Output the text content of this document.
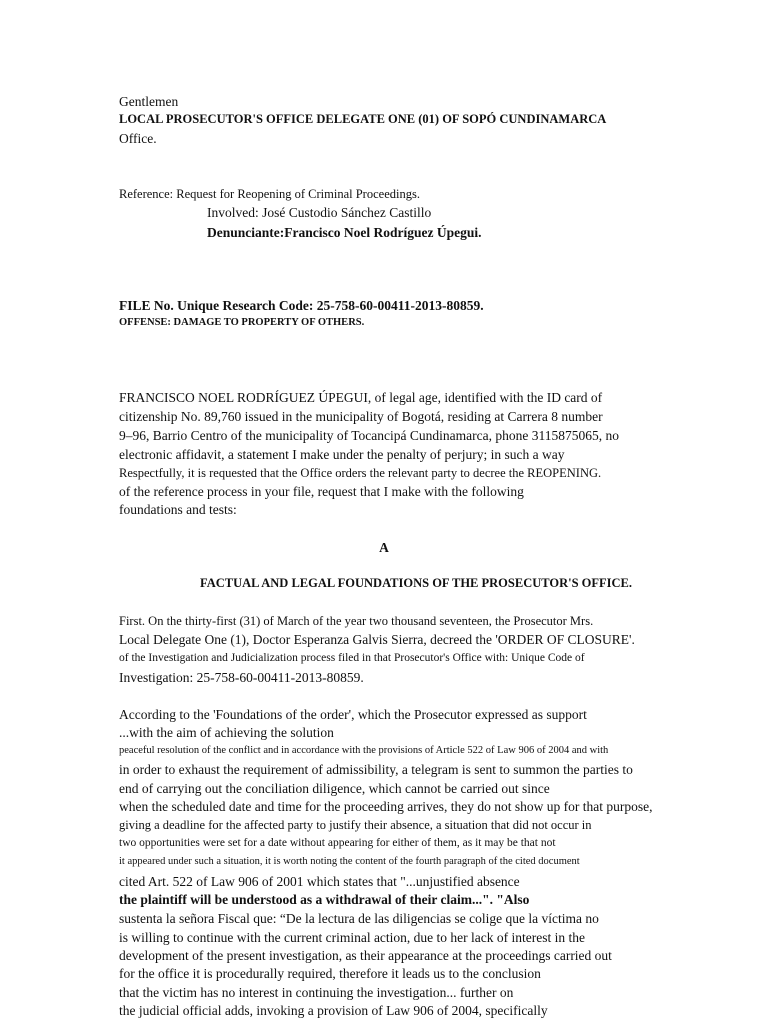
Gentlemen
LOCAL PROSECUTOR'S OFFICE DELEGATE ONE (01) OF SOPÓ CUNDINAMARCA
Office.
Reference: Request for Reopening of Criminal Proceedings.
Involved: José Custodio Sánchez Castillo
Denunciante:Francisco Noel Rodríguez Úpegui.
FILE No. Unique Research Code: 25-758-60-00411-2013-80859.
OFFENSE: DAMAGE TO PROPERTY OF OTHERS.
FRANCISCO NOEL RODRÍGUEZ ÚPEGUI, of legal age, identified with the ID card of
citizenship No. 89,760 issued in the municipality of Bogotá, residing at Carrera 8 number
9–96, Barrio Centro of the municipality of Tocancipá Cundinamarca, phone 3115875065, no
electronic affidavit, a statement I make under the penalty of perjury; in such a way
Respectfully, it is requested that the Office orders the relevant party to decree the REOPENING.
of the reference process in your file, request that I make with the following
foundations and tests:
A
FACTUAL AND LEGAL FOUNDATIONS OF THE PROSECUTOR'S OFFICE.
First. On the thirty-first (31) of March of the year two thousand seventeen, the Prosecutor Mrs.
Local Delegate One (1), Doctor Esperanza Galvis Sierra, decreed the 'ORDER OF CLOSURE'.
of the Investigation and Judicialization process filed in that Prosecutor's Office with: Unique Code of
Investigation: 25-758-60-00411-2013-80859.
According to the 'Foundations of the order', which the Prosecutor expressed as support
...with the aim of achieving the solution
peaceful resolution of the conflict and in accordance with the provisions of Article 522 of Law 906 of 2004 and with
in order to exhaust the requirement of admissibility, a telegram is sent to summon the parties to
end of carrying out the conciliation diligence, which cannot be carried out since
when the scheduled date and time for the proceeding arrives, they do not show up for that purpose,
giving a deadline for the affected party to justify their absence, a situation that did not occur in
two opportunities were set for a date without appearing for either of them, as it may be that not
it appeared under such a situation, it is worth noting the content of the fourth paragraph of the cited document
cited Art. 522 of Law 906 of 2001 which states that "...unjustified absence
the plaintiff will be understood as a withdrawal of their claim...". "Also
sustenta la señora Fiscal que: “De la lectura de las diligencias se colige que la víctima no
is willing to continue with the current criminal action, due to her lack of interest in the
development of the present investigation, as their appearance at the proceedings carried out
for the office it is procedurally required, therefore it leads us to the conclusion
that the victim has no interest in continuing the investigation... further on
the judicial official adds, invoking a provision of Law 906 of 2004, specifically
